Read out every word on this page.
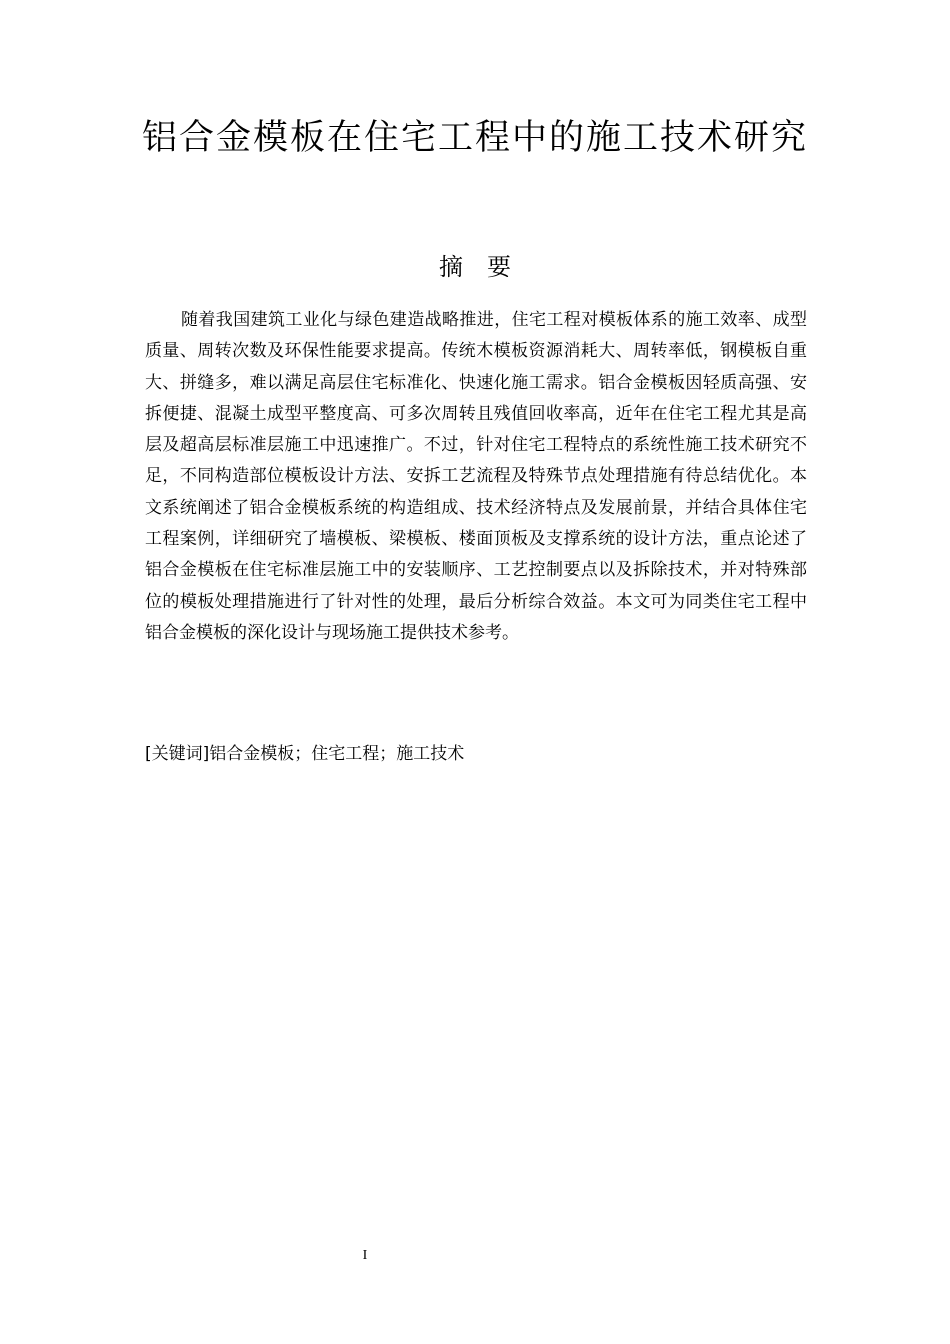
铝合金模板在住宅工程中的施工技术研究
摘 要

随着我国建筑工业化与绿色建造战略推进，住宅工程对模板体系的施工效率、成型质量、周转次数及环保性能要求提高。传统木模板资源消耗大、周转率低，钢模板自重大、拼缝多，难以满足高层住宅标准化、快速化施工需求。铝合金模板因轻质高强、安拆便捷、混凝土成型平整度高、可多次周转且残值回收率高，近年在住宅工程尤其是高层及超高层标准层施工中迅速推广。不过，针对住宅工程特点的系统性施工技术研究不足，不同构造部位模板设计方法、安拆工艺流程及特殊节点处理措施有待总结优化。本文系统阐述了铝合金模板系统的构造组成、技术经济特点及发展前景，并结合具体住宅工程案例，详细研究了墙模板、梁模板、楼面顶板及支撑系统的设计方法，重点论述了铝合金模板在住宅标准层施工中的安装顺序、工艺控制要点以及拆除技术，并对特殊部位的模板处理措施进行了针对性的处理，最后分析综合效益。本文可为同类住宅工程中铝合金模板的深化设计与现场施工提供技术参考。

[关键词]铝合金模板；住宅工程；施工技术

I
